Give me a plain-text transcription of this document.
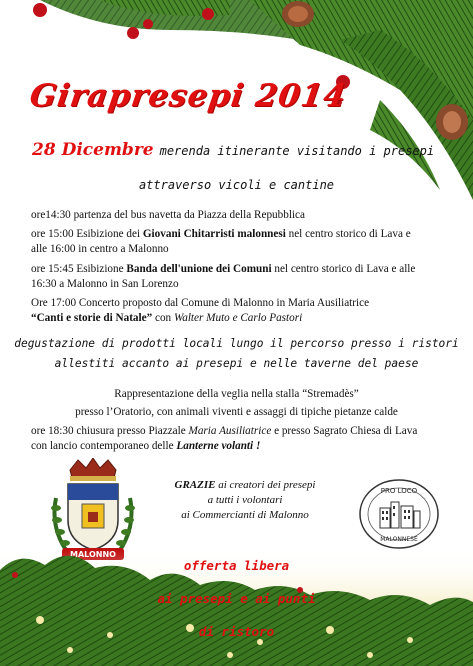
Girapresepi 2014
28 Dicembre merenda itinerante visitando i presepi
attraverso vicoli e cantine
ore14:30 partenza del bus navetta da Piazza della Repubblica
ore 15:00 Esibizione dei Giovani Chitarristi malonnesi nel centro storico di Lava e
alle 16:00 in centro a Malonno
ore 15:45 Esibizione Banda dell'unione dei Comuni nel centro storico di Lava e alle
16:30 a Malonno in San Lorenzo
Ore 17:00 Concerto proposto dal Comune di Malonno in Maria Ausiliatrice
“Canti e storie di Natale” con Walter Muto e Carlo Pastori
degustazione di prodotti locali lungo il percorso presso i ristori
allestiti accanto ai presepi e nelle taverne del paese
Rappresentazione della veglia nella stalla “Stremadès”
presso l’Oratorio, con animali viventi e assaggi di tipiche pietanze calde
ore 18:30 chiusura presso Piazzale Maria Ausiliatrice e presso Sagrato Chiesa di Lava
con lancio contemporaneo delle Lanterne volanti !
GRAZIE ai creatori dei presepi
a tutti i volontari
ai Commercianti di Malonno
PRO LOCO
MALONNESE
offerta libera
ai presepi e ai punti
di ristoro
